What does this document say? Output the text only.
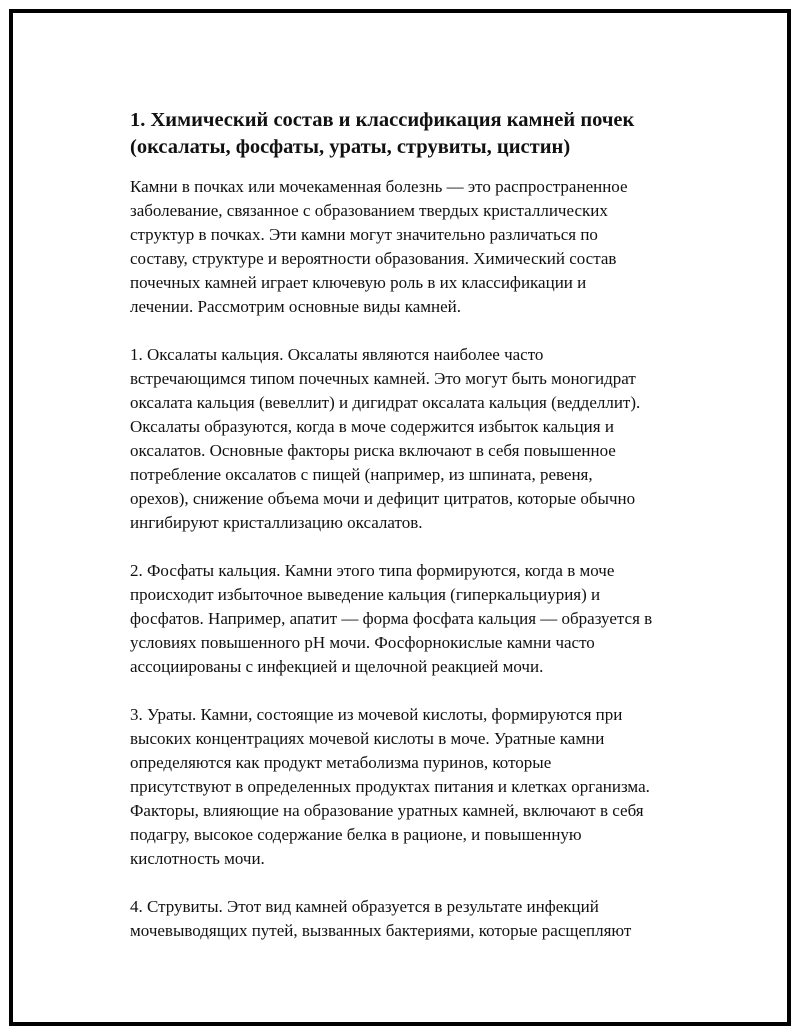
1. Химический состав и классификация камней почек
(оксалаты, фосфаты, ураты, струвиты, цистин)

Камни в почках или мочекаменная болезнь — это распространенное
заболевание, связанное с образованием твердых кристаллических
структур в почках. Эти камни могут значительно различаться по
составу, структуре и вероятности образования. Химический состав
почечных камней играет ключевую роль в их классификации и
лечении. Рассмотрим основные виды камней.

1. Оксалаты кальция. Оксалаты являются наиболее часто
встречающимся типом почечных камней. Это могут быть моногидрат
оксалата кальция (вевеллит) и дигидрат оксалата кальция (ведделлит).
Оксалаты образуются, когда в моче содержится избыток кальция и
оксалатов. Основные факторы риска включают в себя повышенное
потребление оксалатов с пищей (например, из шпината, ревеня,
орехов), снижение объема мочи и дефицит цитратов, которые обычно
ингибируют кристаллизацию оксалатов.

2. Фосфаты кальция. Камни этого типа формируются, когда в моче
происходит избыточное выведение кальция (гиперкальциурия) и
фосфатов. Например, апатит — форма фосфата кальция — образуется в
условиях повышенного pH мочи. Фосфорнокислые камни часто
ассоциированы с инфекцией и щелочной реакцией мочи.

3. Ураты. Камни, состоящие из мочевой кислоты, формируются при
высоких концентрациях мочевой кислоты в моче. Уратные камни
определяются как продукт метаболизма пуринов, которые
присутствуют в определенных продуктах питания и клетках организма.
Факторы, влияющие на образование уратных камней, включают в себя
подагру, высокое содержание белка в рационе, и повышенную
кислотность мочи.

4. Струвиты. Этот вид камней образуется в результате инфекций
мочевыводящих путей, вызванных бактериями, которые расщепляют
